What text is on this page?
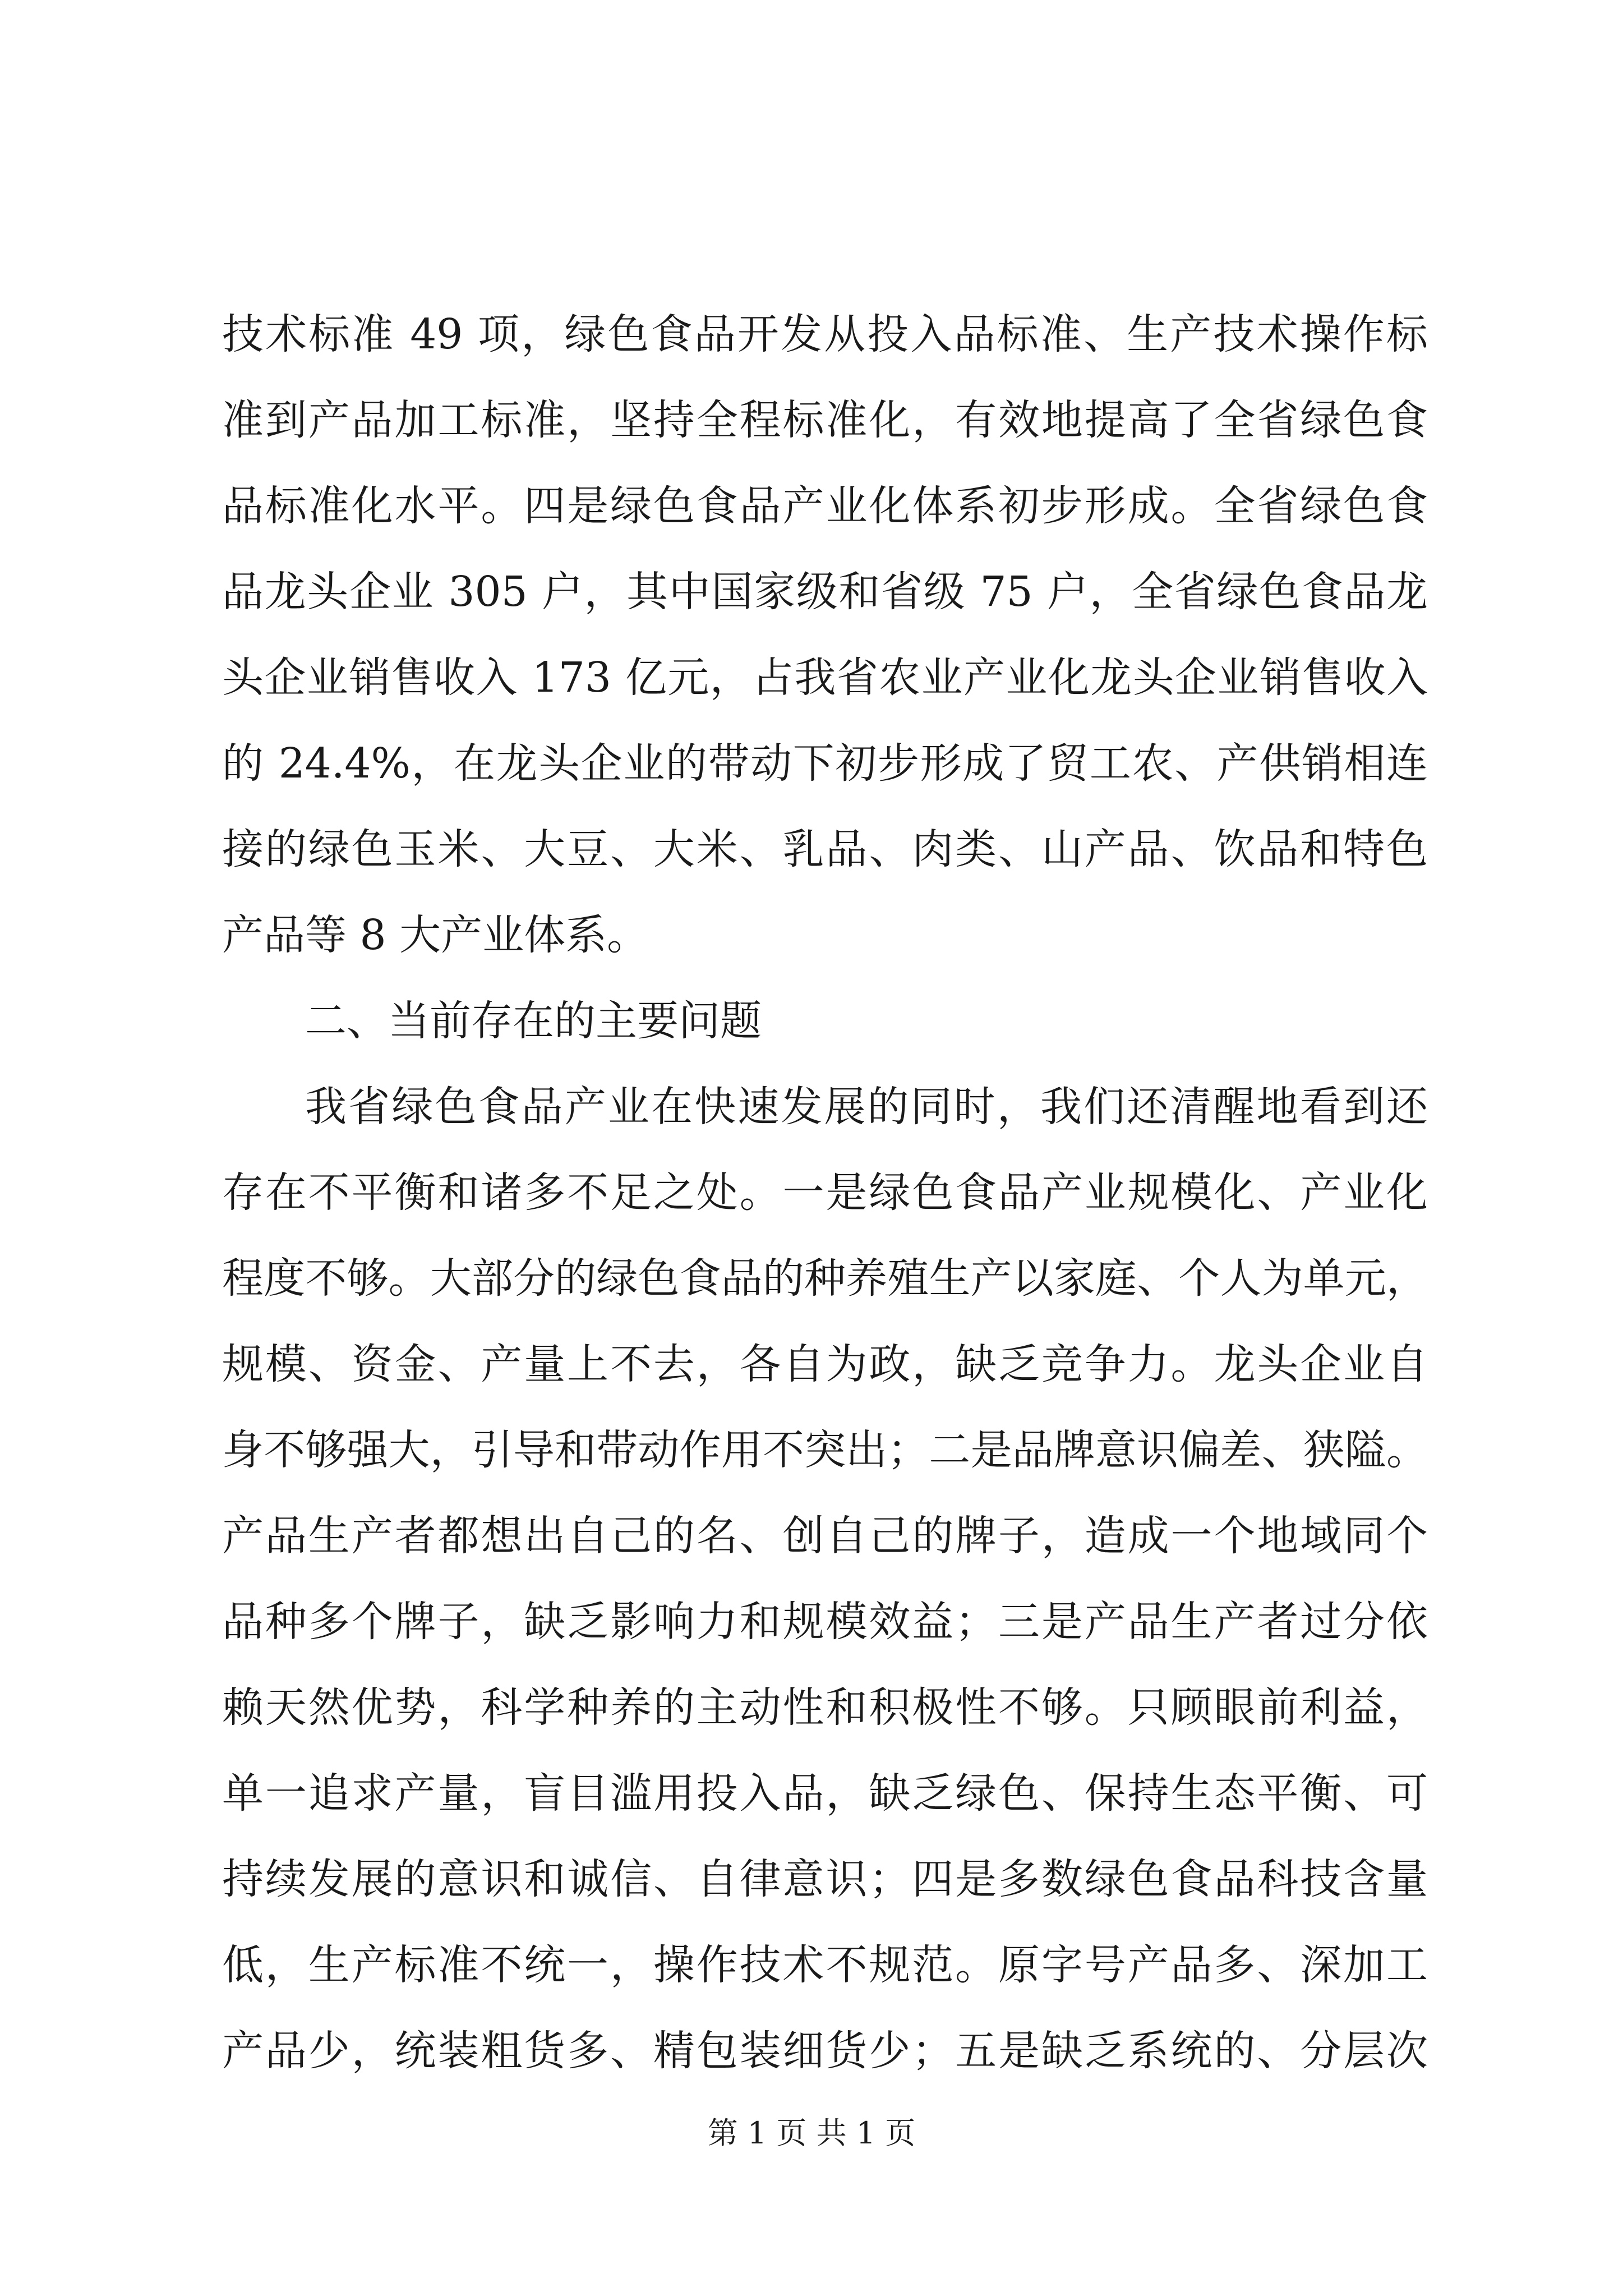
技术标准 49 项，绿色食品开发从投入品标准、生产技术操作标
准到产品加工标准，坚持全程标准化，有效地提高了全省绿色食
品标准化水平。四是绿色食品产业化体系初步形成。全省绿色食
品龙头企业 305 户，其中国家级和省级 75 户，全省绿色食品龙
头企业销售收入 173 亿元，占我省农业产业化龙头企业销售收入
的 24.4%，在龙头企业的带动下初步形成了贸工农、产供销相连
接的绿色玉米、大豆、大米、乳品、肉类、山产品、饮品和特色
产品等 8 大产业体系。
二、当前存在的主要问题
我省绿色食品产业在快速发展的同时，我们还清醒地看到还
存在不平衡和诸多不足之处。一是绿色食品产业规模化、产业化
程度不够。大部分的绿色食品的种养殖生产以家庭、个人为单元，
规模、资金、产量上不去，各自为政，缺乏竞争力。龙头企业自
身不够强大，引导和带动作用不突出；二是品牌意识偏差、狭隘。
产品生产者都想出自己的名、创自己的牌子，造成一个地域同个
品种多个牌子，缺乏影响力和规模效益；三是产品生产者过分依
赖天然优势，科学种养的主动性和积极性不够。只顾眼前利益，
单一追求产量，盲目滥用投入品，缺乏绿色、保持生态平衡、可
持续发展的意识和诚信、自律意识；四是多数绿色食品科技含量
低，生产标准不统一，操作技术不规范。原字号产品多、深加工
产品少，统装粗货多、精包装细货少；五是缺乏系统的、分层次
第 1 页 共 1 页
